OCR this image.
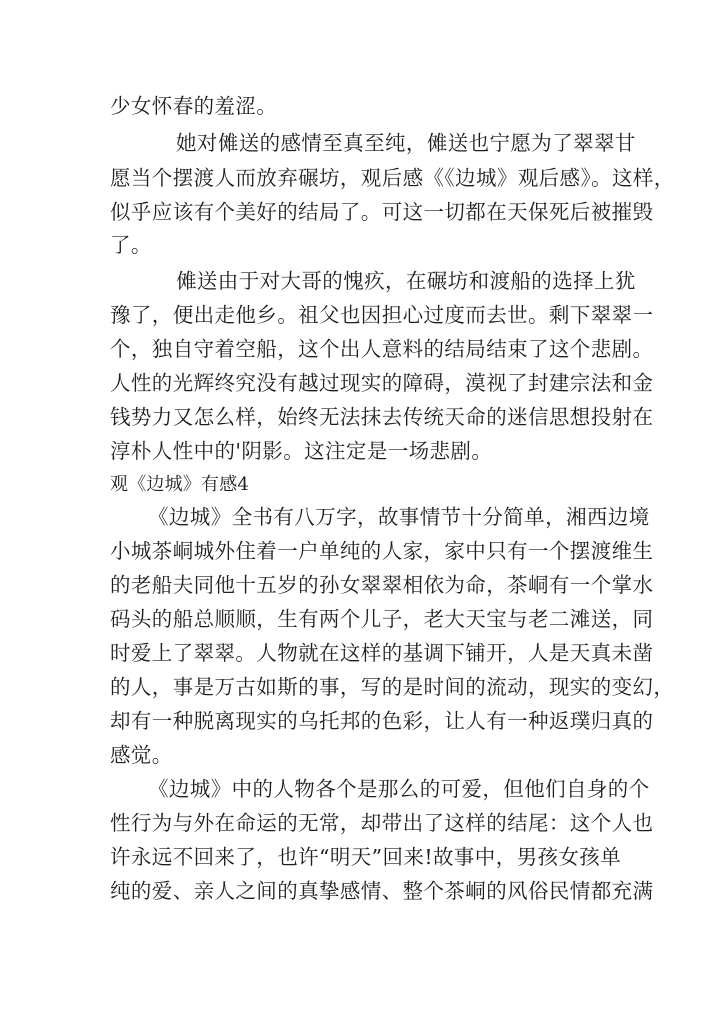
少女怀春的羞涩。
她对傩送的感情至真至纯，傩送也宁愿为了翠翠甘
愿当个摆渡人而放弃碾坊，观后感《《边城》观后感》。这样，
似乎应该有个美好的结局了。可这一切都在天保死后被摧毁
了。
傩送由于对大哥的愧疚，在碾坊和渡船的选择上犹
豫了，便出走他乡。祖父也因担心过度而去世。剩下翠翠一
个，独自守着空船，这个出人意料的结局结束了这个悲剧。
人性的光辉终究没有越过现实的障碍，漠视了封建宗法和金
钱势力又怎么样，始终无法抹去传统天命的迷信思想投射在
淳朴人性中的'阴影。这注定是一场悲剧。
观《边城》有感4
《边城》全书有八万字，故事情节十分简单，湘西边境
小城茶峒城外住着一户单纯的人家，家中只有一个摆渡维生
的老船夫同他十五岁的孙女翠翠相依为命，茶峒有一个掌水
码头的船总顺顺，生有两个儿子，老大天宝与老二滩送，同
时爱上了翠翠。人物就在这样的基调下铺开，人是天真未凿
的人，事是万古如斯的事，写的是时间的流动，现实的变幻，
却有一种脱离现实的乌托邦的色彩，让人有一种返璞归真的
感觉。
《边城》中的人物各个是那么的可爱，但他们自身的个
性行为与外在命运的无常，却带出了这样的结尾：这个人也
许永远不回来了，也许“明天”回来!故事中，男孩女孩单
纯的爱、亲人之间的真挚感情、整个茶峒的风俗民情都充满
